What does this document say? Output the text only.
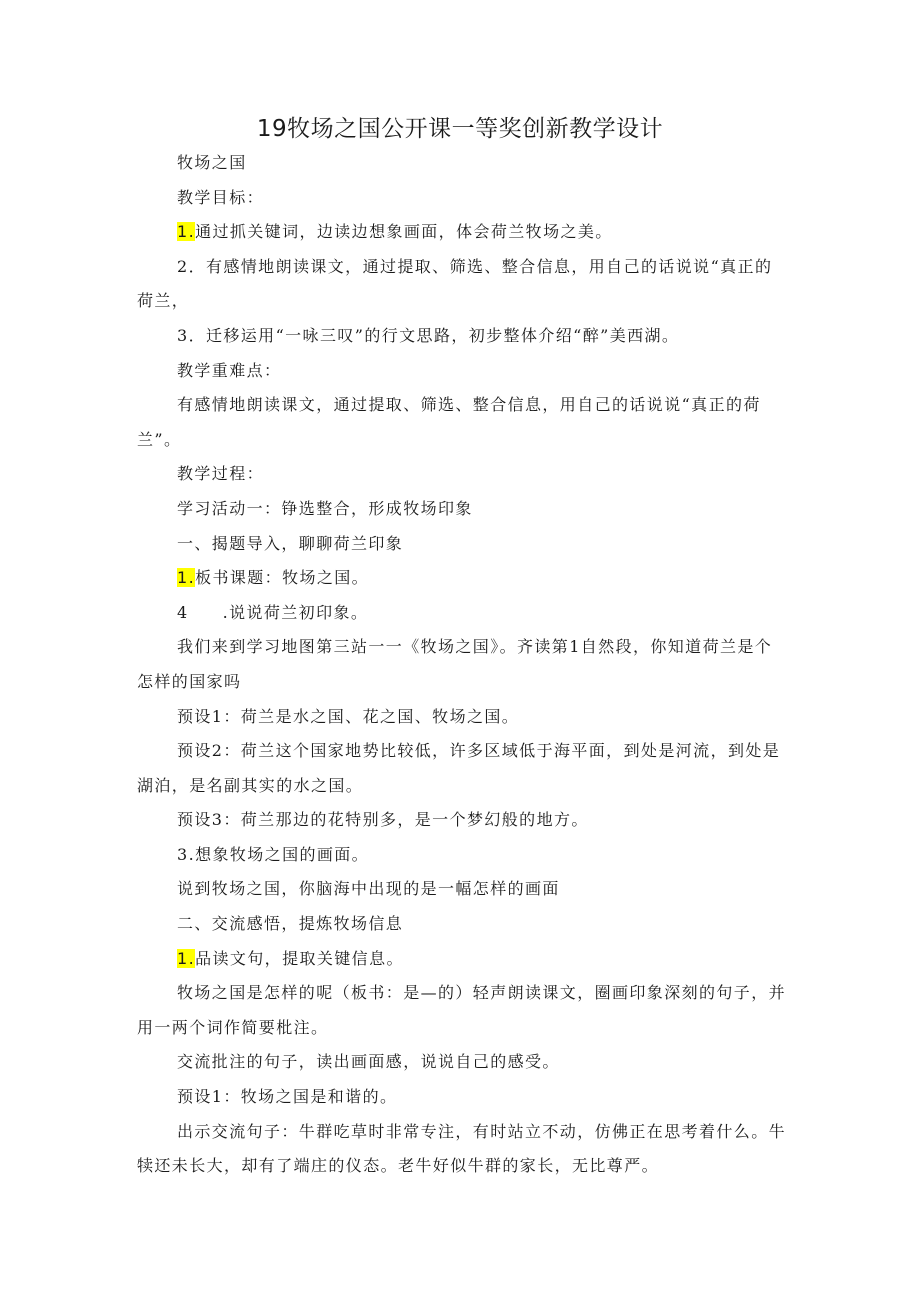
19牧场之国公开课一等奖创新教学设计

牧场之国

教学目标：

1.通过抓关键词，边读边想象画面，体会荷兰牧场之美。

2．有感情地朗读课文，通过提取、筛选、整合信息，用自己的话说说“真正的荷兰，

3．迁移运用“一咏三叹”的行文思路，初步整体介绍“醉”美西湖。

教学重难点：

有感情地朗读课文，通过提取、筛选、整合信息，用自己的话说说“真正的荷兰”。

教学过程：

学习活动一：铮选整合，形成牧场印象

一、揭题导入，聊聊荷兰印象

1.板书课题：牧场之国。

4 .说说荷兰初印象。

我们来到学习地图第三站一一《牧场之国》。齐读第1自然段，你知道荷兰是个怎样的国家吗

预设1：荷兰是水之国、花之国、牧场之国。

预设2：荷兰这个国家地势比较低，许多区域低于海平面，到处是河流，到处是湖泊，是名副其实的水之国。

预设3：荷兰那边的花特别多，是一个梦幻般的地方。

3.想象牧场之国的画面。

说到牧场之国，你脑海中出现的是一幅怎样的画面

二、交流感悟，提炼牧场信息

1.品读文句，提取关键信息。

牧场之国是怎样的呢（板书：是—的）轻声朗读课文，圈画印象深刻的句子，并用一两个词作简要枇注。

交流批注的句子，读出画面感，说说自己的感受。

预设1：牧场之国是和谐的。

出示交流句子：牛群吃草时非常专注，有时站立不动，仿佛正在思考着什么。牛犊还未长大，却有了端庄的仪态。老牛好似牛群的家长，无比尊严。
